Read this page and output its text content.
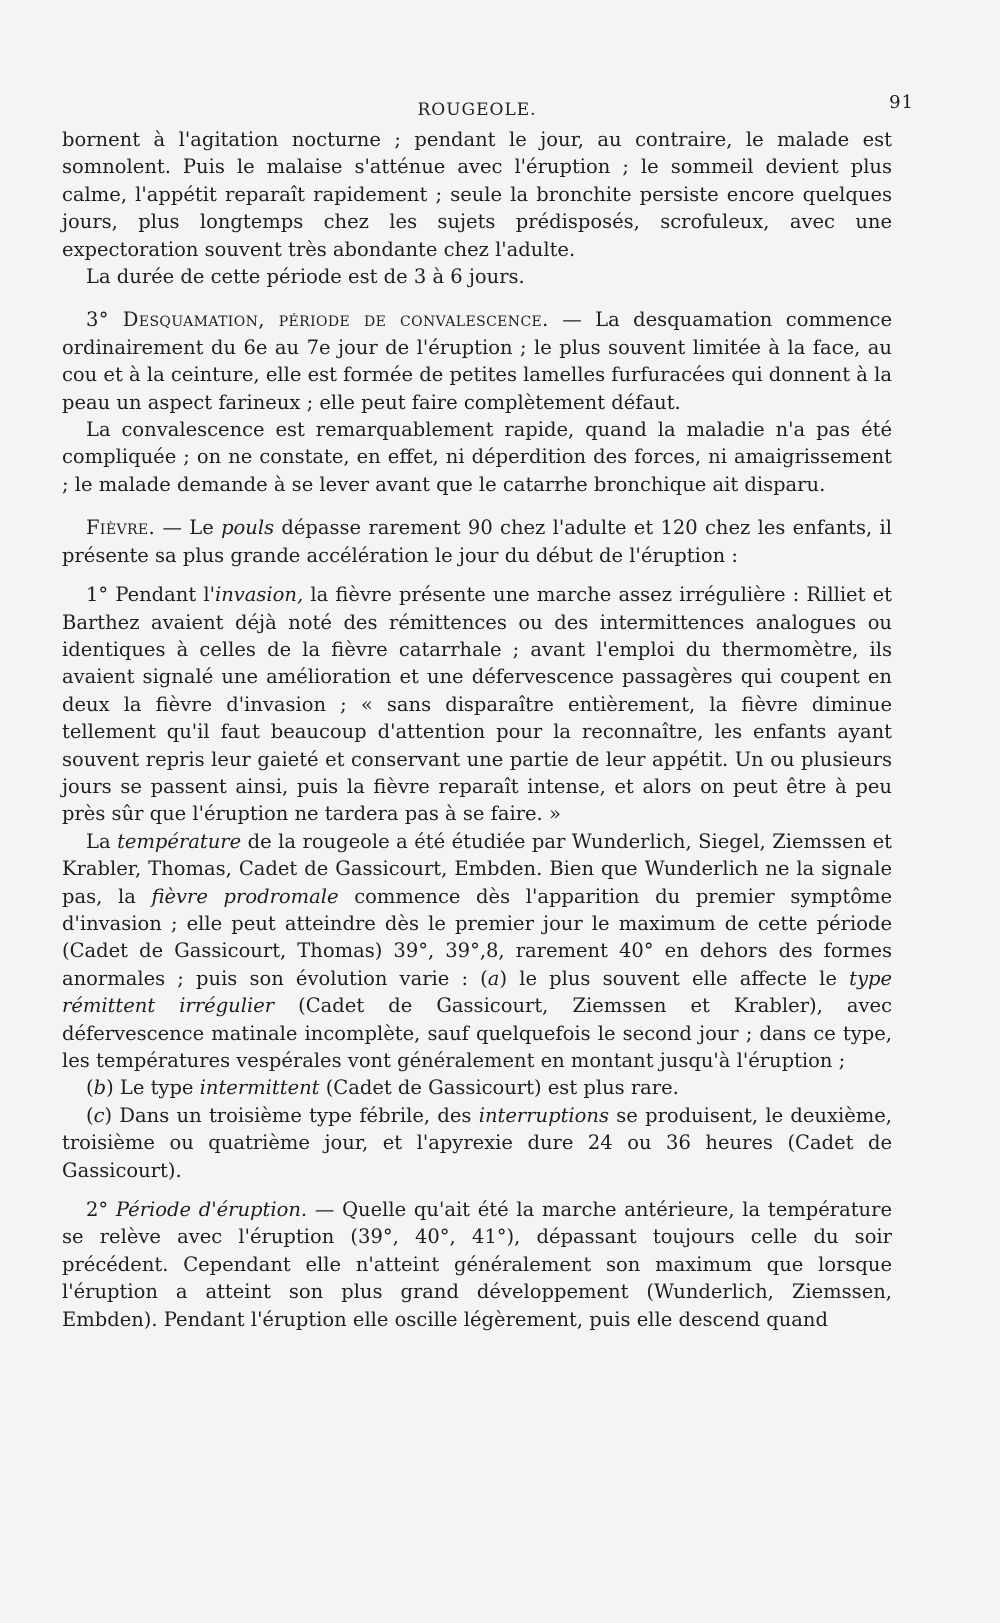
ROUGEOLE.	91

bornent à l'agitation nocturne ; pendant le jour, au contraire, le malade est somnolent. Puis le malaise s'atténue avec l'éruption ; le sommeil devient plus calme, l'appétit reparaît rapidement ; seule la bronchite persiste encore quelques jours, plus longtemps chez les sujets prédisposés, scrofuleux, avec une expectoration souvent très abondante chez l'adulte.

La durée de cette période est de 3 à 6 jours.

3° Desquamation, période de convalescence. — La desquamation commence ordinairement du 6e au 7e jour de l'éruption ; le plus souvent limitée à la face, au cou et à la ceinture, elle est formée de petites lamelles furfuracées qui donnent à la peau un aspect farineux ; elle peut faire complètement défaut.

La convalescence est remarquablement rapide, quand la maladie n'a pas été compliquée ; on ne constate, en effet, ni déperdition des forces, ni amaigrissement ; le malade demande à se lever avant que le catarrhe bronchique ait disparu.

Fièvre. — Le pouls dépasse rarement 90 chez l'adulte et 120 chez les enfants, il présente sa plus grande accélération le jour du début de l'éruption :

1° Pendant l'invasion, la fièvre présente une marche assez irrégulière : Rilliet et Barthez avaient déjà noté des rémittences ou des intermittences analogues ou identiques à celles de la fièvre catarrhale ; avant l'emploi du thermomètre, ils avaient signalé une amélioration et une défervescence passagères qui coupent en deux la fièvre d'invasion ; « sans disparaître entièrement, la fièvre diminue tellement qu'il faut beaucoup d'attention pour la reconnaître, les enfants ayant souvent repris leur gaieté et conservant une partie de leur appétit. Un ou plusieurs jours se passent ainsi, puis la fièvre reparaît intense, et alors on peut être à peu près sûr que l'éruption ne tardera pas à se faire. »

La température de la rougeole a été étudiée par Wunderlich, Siegel, Ziemssen et Krabler, Thomas, Cadet de Gassicourt, Embden. Bien que Wunderlich ne la signale pas, la fièvre prodromale commence dès l'apparition du premier symptôme d'invasion ; elle peut atteindre dès le premier jour le maximum de cette période (Cadet de Gassicourt, Thomas) 39°, 39°,8, rarement 40° en dehors des formes anormales ; puis son évolution varie : (a) le plus souvent elle affecte le type rémittent irrégulier (Cadet de Gassicourt, Ziemssen et Krabler), avec défervescence matinale incomplète, sauf quelquefois le second jour ; dans ce type, les températures vespérales vont généralement en montant jusqu'à l'éruption ;

(b) Le type intermittent (Cadet de Gassicourt) est plus rare.

(c) Dans un troisième type fébrile, des interruptions se produisent, le deuxième, troisième ou quatrième jour, et l'apyrexie dure 24 ou 36 heures (Cadet de Gassicourt).

2° Période d'éruption. — Quelle qu'ait été la marche antérieure, la température se relève avec l'éruption (39°, 40°, 41°), dépassant toujours celle du soir précédent. Cependant elle n'atteint généralement son maximum que lorsque l'éruption a atteint son plus grand développement (Wunderlich, Ziemssen, Embden). Pendant l'éruption elle oscille légèrement, puis elle descend quand
